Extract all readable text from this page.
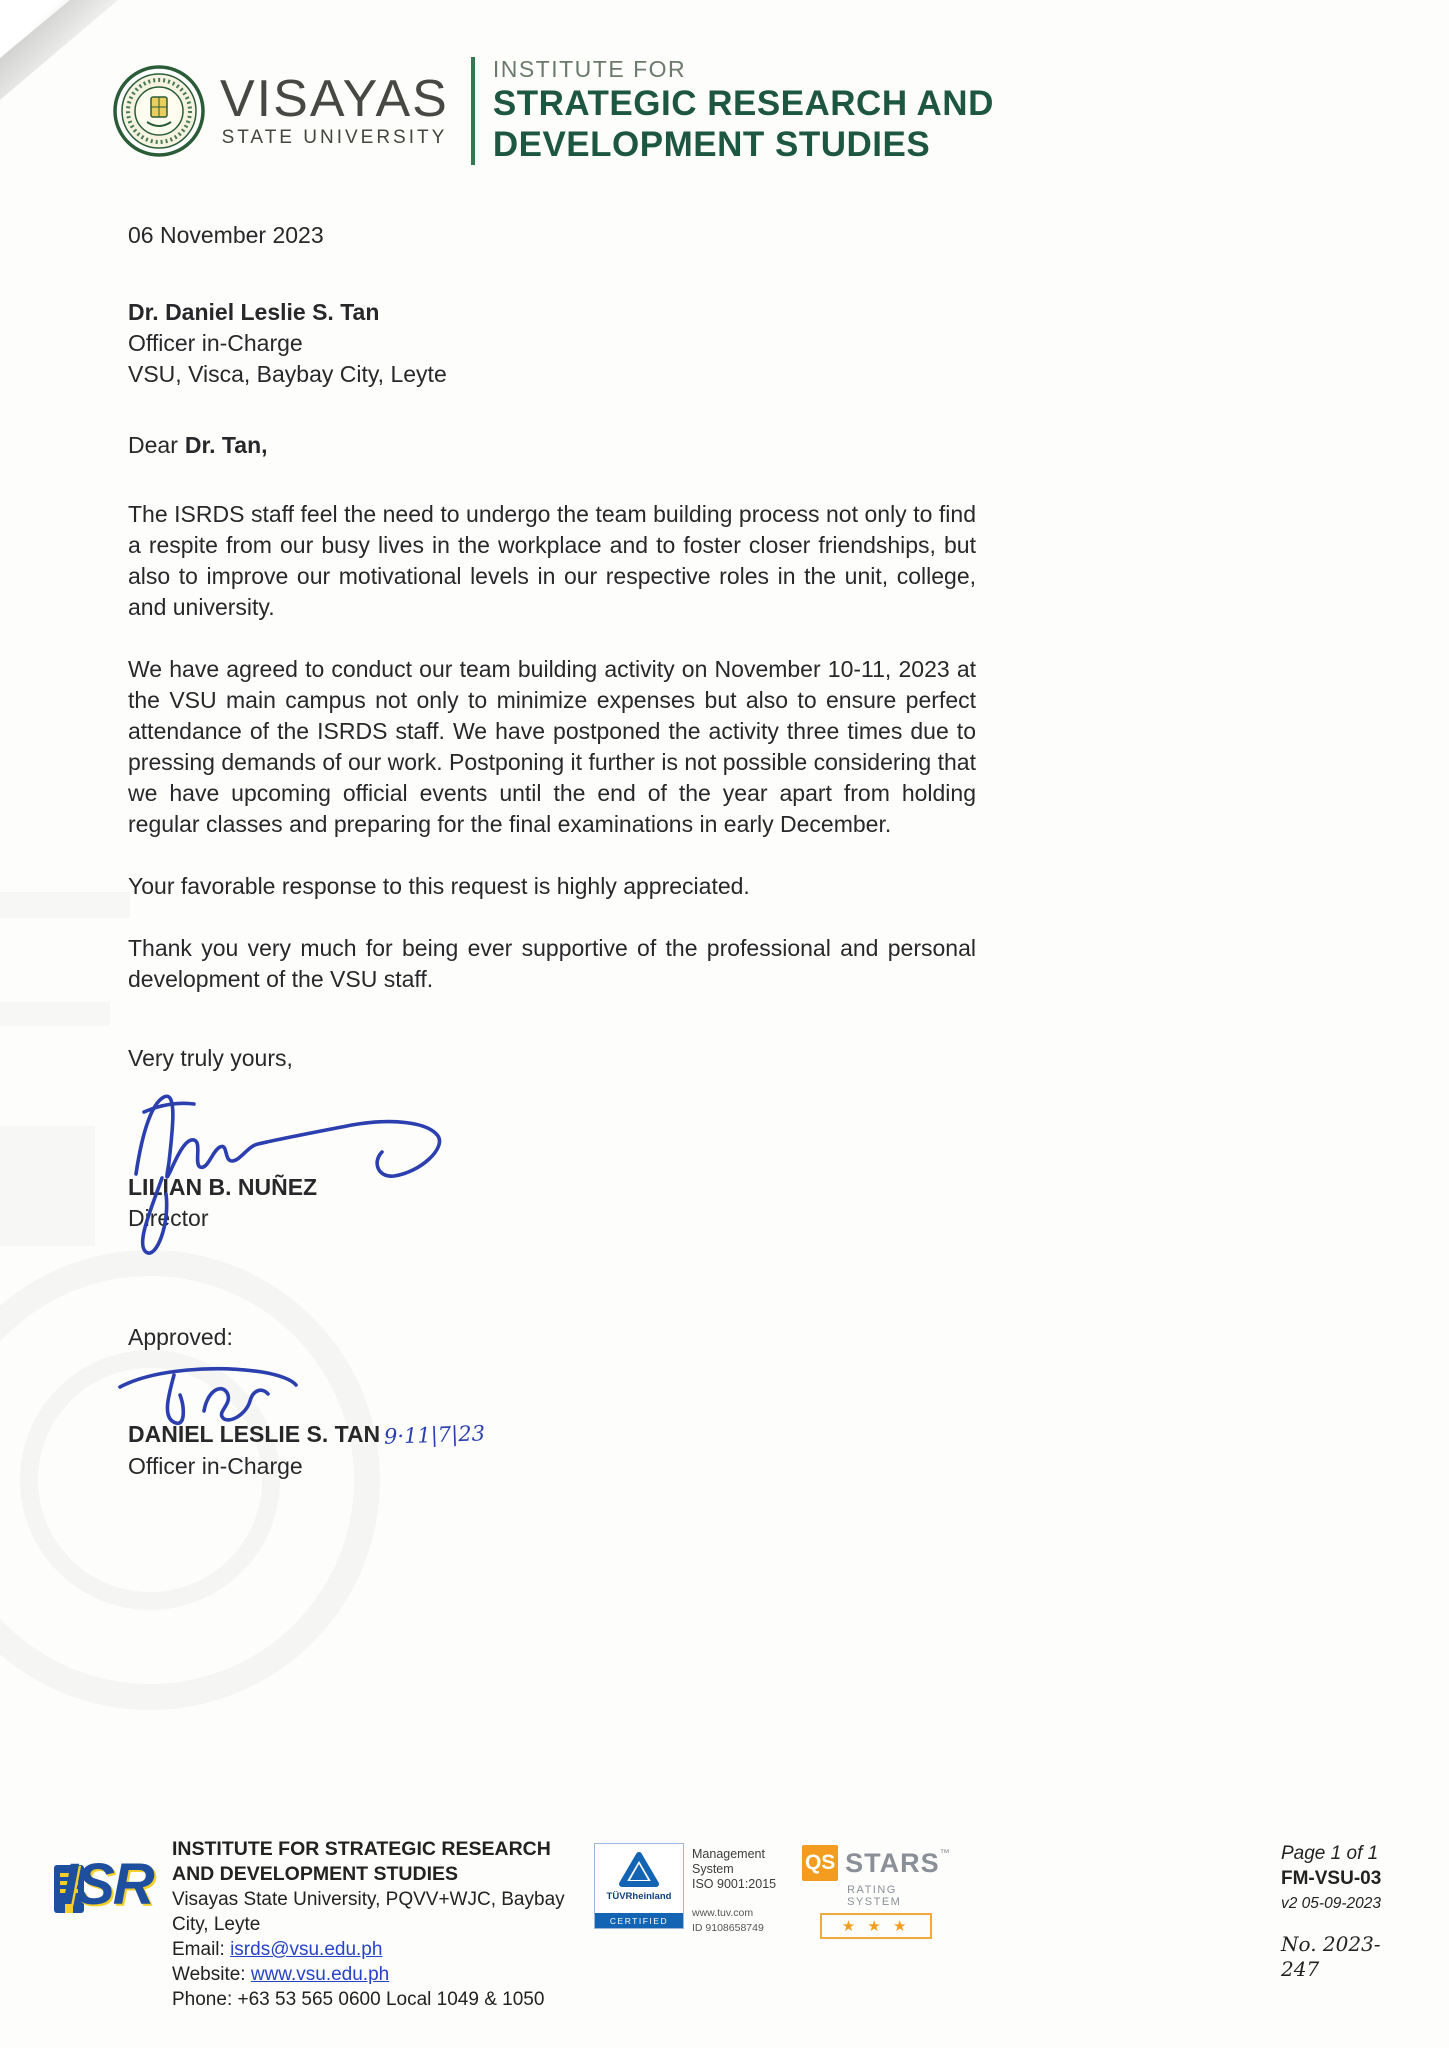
VISAYAS
STATE UNIVERSITY
INSTITUTE FOR
STRATEGIC RESEARCH AND
DEVELOPMENT STUDIES
06 November 2023
Dr. Daniel Leslie S. Tan
Officer in-Charge
VSU, Visca, Baybay City, Leyte
Dear Dr. Tan,

The ISRDS staff feel the need to undergo the team building process not only to find a respite from our busy lives in the workplace and to foster closer friendships, but also to improve our motivational levels in our respective roles in the unit, college, and university.

We have agreed to conduct our team building activity on November 10-11, 2023 at the VSU main campus not only to minimize expenses but also to ensure perfect attendance of the ISRDS staff. We have postponed the activity three times due to pressing demands of our work. Postponing it further is not possible considering that we have upcoming official events until the end of the year apart from holding regular classes and preparing for the final examinations in early December.

Your favorable response to this request is highly appreciated.

Thank you very much for being ever supportive of the professional and personal development of the VSU staff.

Very truly yours,
LILIAN B. NUÑEZ
Director
Approved:
DANIEL LESLIE S. TAN 9·11|7|23
Officer in-Charge
ISR
INSTITUTE FOR STRATEGIC RESEARCH
AND DEVELOPMENT STUDIES
Visayas State University, PQVV+WJC, Baybay City, Leyte
Email: isrds@vsu.edu.ph
Website: www.vsu.edu.ph
Phone: +63 53 565 0600 Local 1049 & 1050
TÜVRheinland
CERTIFIED
Management
System
ISO 9001:2015
www.tuv.com
ID 9108658749
QS STARS ™
RATING SYSTEM
★ ★ ★
Page 1 of 1
FM-VSU-03
v2 05-09-2023
No. 2023-247
